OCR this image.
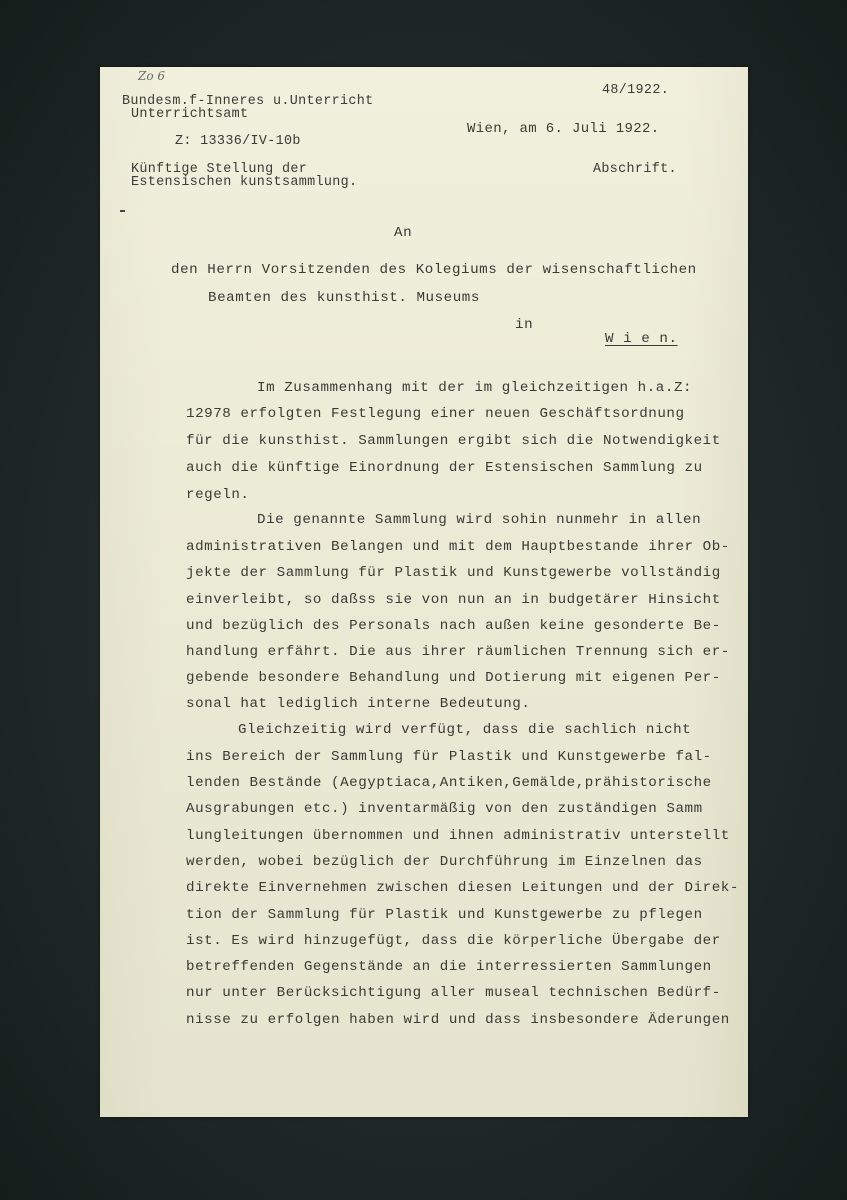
Zo 6
Bundesm.f-Inneres u.Unterricht
Unterrichtsamt
Z: 13336/IV-10b
Künftige Stellung der
Estensischen kunstsammlung.
48/1922.
Wien, am 6. Juli 1922.
Abschrift.
An
den Herrn Vorsitzenden des Kolegiums der wisenschaftlichen
Beamten des kunsthist. Museums
in
W i e n.
Im Zusammenhang mit der im gleichzeitigen h.a.Z:
12978 erfolgten Festlegung einer neuen Geschäftsordnung
für die kunsthist. Sammlungen ergibt sich die Notwendigkeit
auch die künftige Einordnung der Estensischen Sammlung zu
regeln.
Die genannte Sammlung wird sohin nunmehr in allen
administrativen Belangen und mit dem Hauptbestande ihrer Ob-
jekte der Sammlung für Plastik und Kunstgewerbe vollständig
einverleibt, so daßss sie von nun an in budgetärer Hinsicht
und bezüglich des Personals nach außen keine gesonderte Be-
handlung erfährt. Die aus ihrer räumlichen Trennung sich er-
gebende besondere Behandlung und Dotierung mit eigenen Per-
sonal hat lediglich interne Bedeutung.
Gleichzeitig wird verfügt, dass die sachlich nicht
ins Bereich der Sammlung für Plastik und Kunstgewerbe fal-
lenden Bestände (Aegyptiaca,Antiken,Gemälde,prähistorische
Ausgrabungen etc.) inventarmäßig von den zuständigen Samm
lungleitungen übernommen und ihnen administrativ unterstellt
werden, wobei bezüglich der Durchführung im Einzelnen das
direkte Einvernehmen zwischen diesen Leitungen und der Direk-
tion der Sammlung für Plastik und Kunstgewerbe zu pflegen
ist. Es wird hinzugefügt, dass die körperliche Übergabe der
betreffenden Gegenstände an die interressierten Sammlungen
nur unter Berücksichtigung aller museal technischen Bedürf-
nisse zu erfolgen haben wird und dass insbesondere Äderungen
